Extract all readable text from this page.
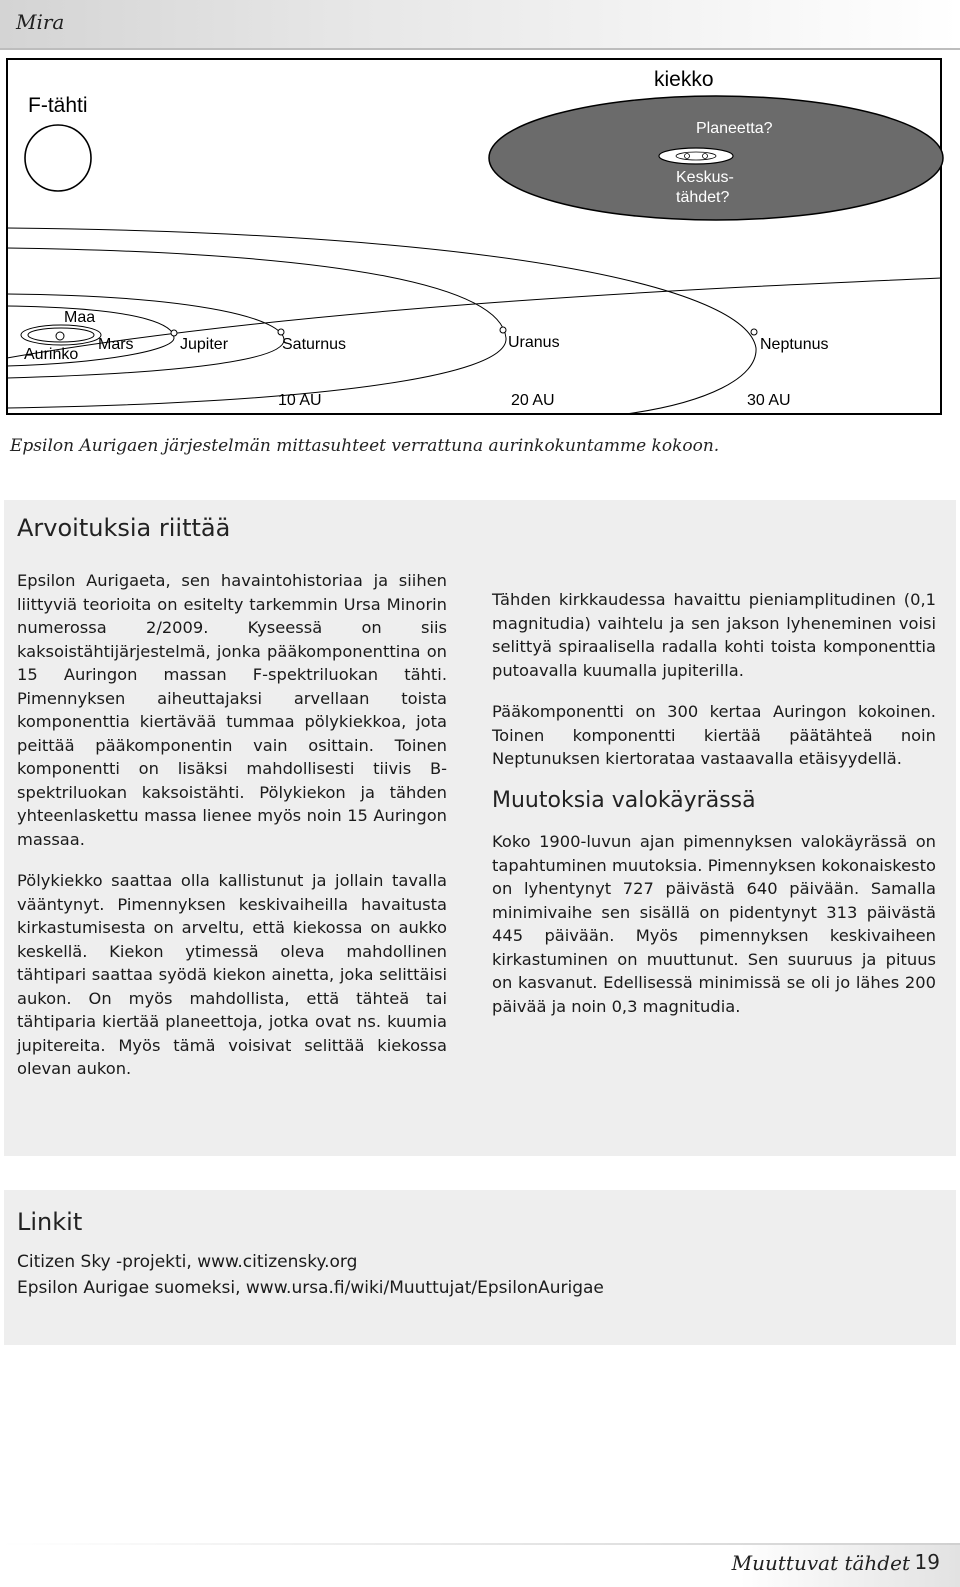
Mira
F-tähti
kiekko
Planeetta?
Keskus-
tähdet?
Maa
Aurinko
Mars	Jupiter	Saturnus	Uranus	Neptunus
10 AU	20 AU	30 AU
Epsilon Aurigaen järjestelmän mittasuhteet verrattuna aurinkokuntamme kokoon.
Arvoituksia riittää

Epsilon Aurigaeta, sen havaintohistoriaa ja siihen liittyviä teorioita on esitelty tarkemmin Ursa Minorin numerossa 2/2009. Kyseessä on siis kaksoistähtijärjestelmä, jonka pääkomponenttina on 15 Auringon massan F-spektriluokan tähti. Pimennyksen aiheuttajaksi arvellaan toista komponenttia kiertävää tummaa pölykiekkoa, jota peittää pääkomponentin vain osittain. Toinen komponentti on lisäksi mahdollisesti tiivis B-spektriluokan kaksoistähti. Pölykiekon ja tähden yhteenlaskettu massa lienee myös noin 15 Auringon massaa.

Pölykiekko saattaa olla kallistunut ja jollain tavalla vääntynyt. Pimennyksen keskivaiheilla havaitusta kirkastumisesta on arveltu, että kiekossa on aukko keskellä. Kiekon ytimessä oleva mahdollinen tähtipari saattaa syödä kiekon ainetta, joka selittäisi aukon. On myös mahdollista, että tähteä tai tähtiparia kiertää planeettoja, jotka ovat ns. kuumia jupitereita. Myös tämä voisivat selittää kiekossa olevan aukon.

Tähden kirkkaudessa havaittu pieniamplitudinen (0,1 magnitudia) vaihtelu ja sen jakson lyheneminen voisi selittyä spiraalisella radalla kohti toista komponenttia putoavalla kuumalla jupiterilla.

Pääkomponentti on 300 kertaa Auringon kokoinen. Toinen komponentti kiertää päätähteä noin Neptunuksen kiertorataa vastaavalla etäisyydellä.

Muutoksia valokäyrässä

Koko 1900-luvun ajan pimennyksen valokäyrässä on tapahtuminen muutoksia. Pimennyksen kokonaiskesto on lyhentynyt 727 päivästä 640 päivään. Samalla minimivaihe sen sisällä on pidentynyt 313 päivästä 445 päivään. Myös pimennyksen keskivaiheen kirkastuminen on muuttunut. Sen suuruus ja pituus on kasvanut. Edellisessä minimissä se oli jo lähes 200 päivää ja noin 0,3 magnitudia.

Linkit
Citizen Sky -projekti, www.citizensky.org
Epsilon Aurigae suomeksi, www.ursa.fi/wiki/Muuttujat/EpsilonAurigae
Muuttuvat tähdet 19
